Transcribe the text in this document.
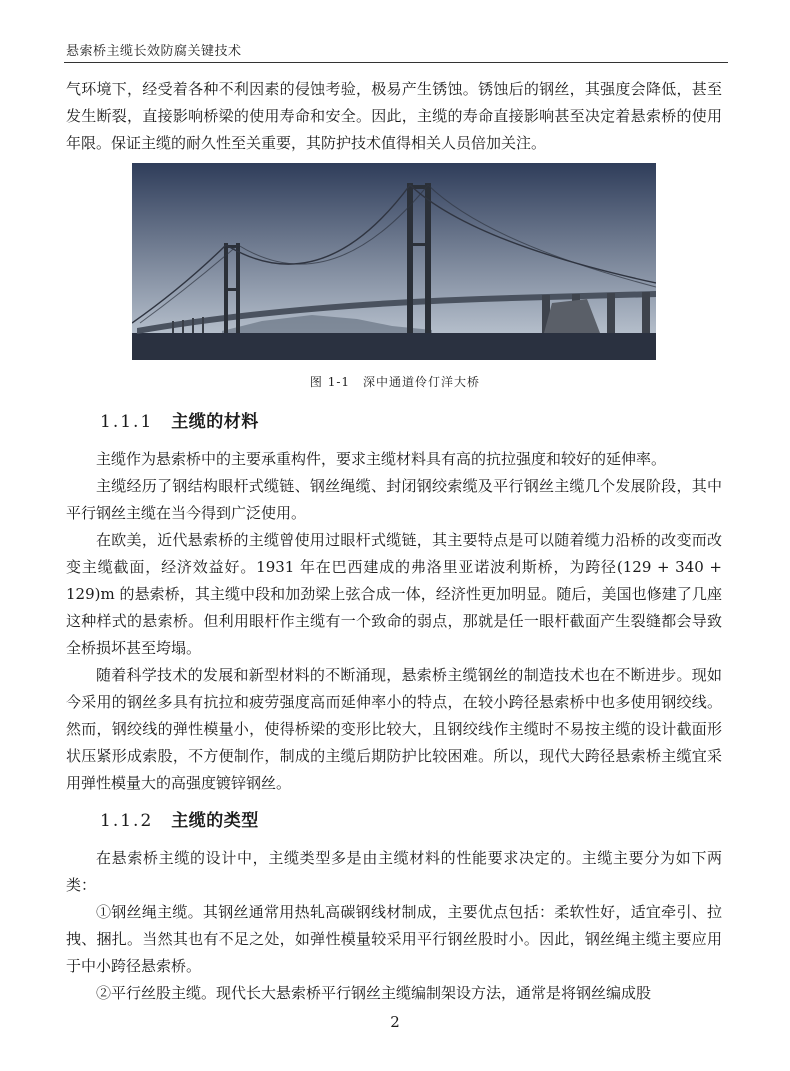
悬索桥主缆长效防腐关键技术

气环境下，经受着各种不利因素的侵蚀考验，极易产生锈蚀。锈蚀后的钢丝，其强度会降低，甚至发生断裂，直接影响桥梁的使用寿命和安全。因此，主缆的寿命直接影响甚至决定着悬索桥的使用年限。保证主缆的耐久性至关重要，其防护技术值得相关人员倍加关注。

图 1-1　深中通道伶仃洋大桥
1.1.1 主缆的材料

主缆作为悬索桥中的主要承重构件，要求主缆材料具有高的抗拉强度和较好的延伸率。

主缆经历了钢结构眼杆式缆链、钢丝绳缆、封闭钢绞索缆及平行钢丝主缆几个发展阶段，其中平行钢丝主缆在当今得到广泛使用。

在欧美，近代悬索桥的主缆曾使用过眼杆式缆链，其主要特点是可以随着缆力沿桥的改变而改变主缆截面，经济效益好。1931 年在巴西建成的弗洛里亚诺波利斯桥，为跨径(129 + 340 + 129)m 的悬索桥，其主缆中段和加劲梁上弦合成一体，经济性更加明显。随后，美国也修建了几座这种样式的悬索桥。但利用眼杆作主缆有一个致命的弱点，那就是任一眼杆截面产生裂缝都会导致全桥损坏甚至垮塌。

随着科学技术的发展和新型材料的不断涌现，悬索桥主缆钢丝的制造技术也在不断进步。现如今采用的钢丝多具有抗拉和疲劳强度高而延伸率小的特点，在较小跨径悬索桥中也多使用钢绞线。然而，钢绞线的弹性模量小，使得桥梁的变形比较大，且钢绞线作主缆时不易按主缆的设计截面形状压紧形成索股，不方便制作，制成的主缆后期防护比较困难。所以，现代大跨径悬索桥主缆宜采用弹性模量大的高强度镀锌钢丝。

1.1.2 主缆的类型

在悬索桥主缆的设计中，主缆类型多是由主缆材料的性能要求决定的。主缆主要分为如下两类：

①钢丝绳主缆。其钢丝通常用热轧高碳钢线材制成，主要优点包括：柔软性好，适宜牵引、拉拽、捆扎。当然其也有不足之处，如弹性模量较采用平行钢丝股时小。因此，钢丝绳主缆主要应用于中小跨径悬索桥。

②平行丝股主缆。现代长大悬索桥平行钢丝主缆编制架设方法，通常是将钢丝编成股

2
